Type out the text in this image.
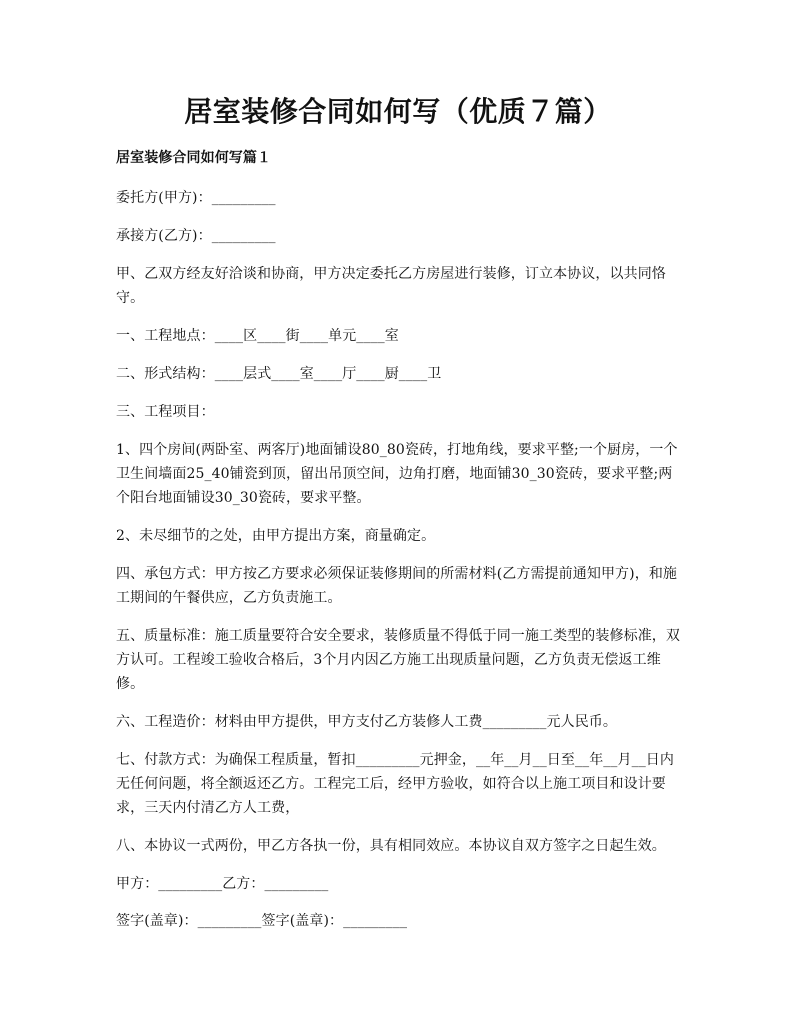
居室装修合同如何写（优质７篇）

居室装修合同如何写篇１

委托方(甲方)：_________

承接方(乙方)：_________

甲、乙双方经友好洽谈和协商，甲方决定委托乙方房屋进行装修，订立本协议，以共同恪守。

一、工程地点：____区____街____单元____室

二、形式结构：____层式____室____厅____厨____卫

三、工程项目：

1、四个房间(两卧室、两客厅)地面铺设80_80瓷砖，打地角线，要求平整;一个厨房，一个卫生间墙面25_40铺瓷到顶，留出吊顶空间，边角打磨，地面铺30_30瓷砖，要求平整;两个阳台地面铺设30_30瓷砖，要求平整。

2、未尽细节的之处，由甲方提出方案，商量确定。

四、承包方式：甲方按乙方要求必须保证装修期间的所需材料(乙方需提前通知甲方)，和施工期间的午餐供应，乙方负责施工。

五、质量标准：施工质量要符合安全要求，装修质量不得低于同一施工类型的装修标准，双方认可。工程竣工验收合格后，3个月内因乙方施工出现质量问题，乙方负责无偿返工维修。

六、工程造价：材料由甲方提供，甲方支付乙方装修人工费_________元人民币。

七、付款方式：为确保工程质量，暂扣_________元押金，__年__月__日至__年__月__日内无任何问题，将全额返还乙方。工程完工后，经甲方验收，如符合以上施工项目和设计要求，三天内付清乙方人工费，

八、本协议一式两份，甲乙方各执一份，具有相同效应。本协议自双方签字之日起生效。

甲方：_________乙方：_________

签字(盖章)：_________签字(盖章)：_________
